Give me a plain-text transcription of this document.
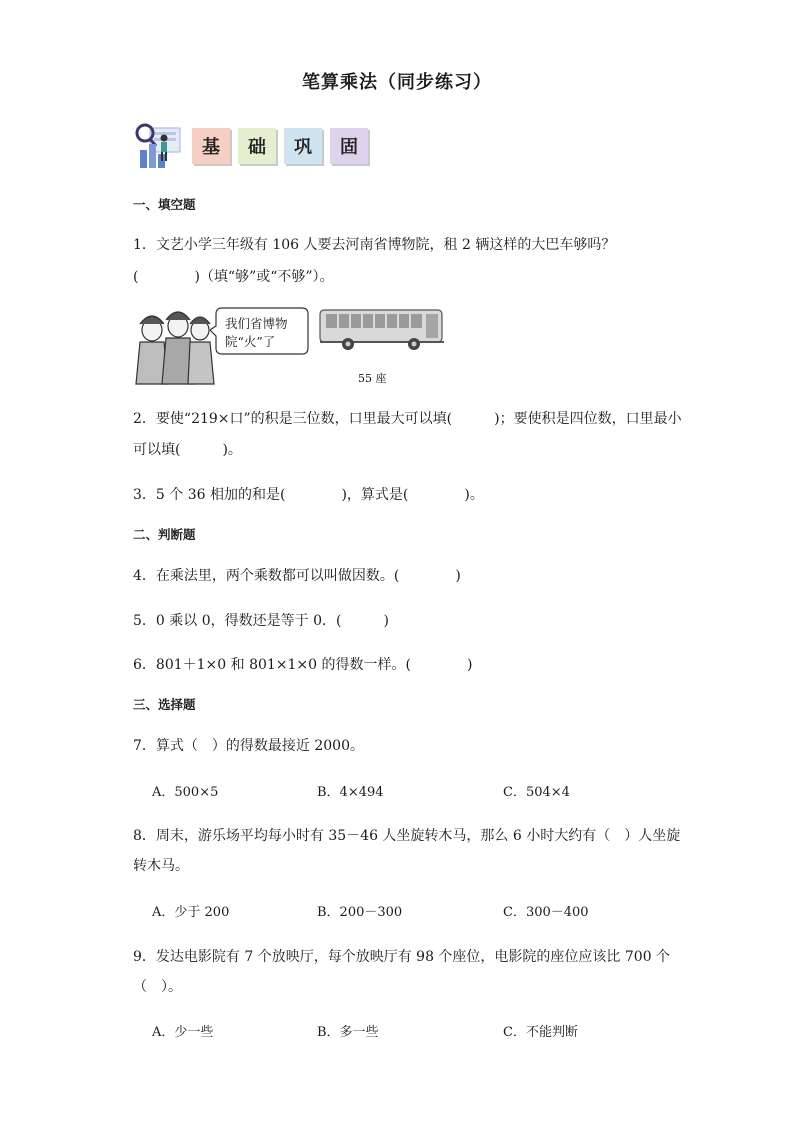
笔算乘法（同步练习）
基 础 巩 固
一、填空题
1．文艺小学三年级有 106 人要去河南省博物院，租 2 辆这样的大巴车够吗？
(　　　　)（填“够”或“不够”）。
我们省博物
院“火”了
55 座
2．要使“219×口”的积是三位数，口里最大可以填(　　　)；要使积是四位数，口里最小
可以填(　　　)。
3．5 个 36 相加的和是(　　　　)，算式是(　　　　)。
二、判断题
4．在乘法里，两个乘数都可以叫做因数。(　　　　)
5．0 乘以 0，得数还是等于 0．(　　　)
6．801＋1×0 和 801×1×0 的得数一样。(　　　　)
三、选择题
7．算式（　）的得数最接近 2000。
A．500×5	B．4×494	C．504×4
8．周末，游乐场平均每小时有 35－46 人坐旋转木马，那么 6 小时大约有（　）人坐旋
转木马。
A．少于 200	B．200－300	C．300－400
9．发达电影院有 7 个放映厅，每个放映厅有 98 个座位，电影院的座位应该比 700 个
（　）。
A．少一些	B．多一些	C．不能判断
